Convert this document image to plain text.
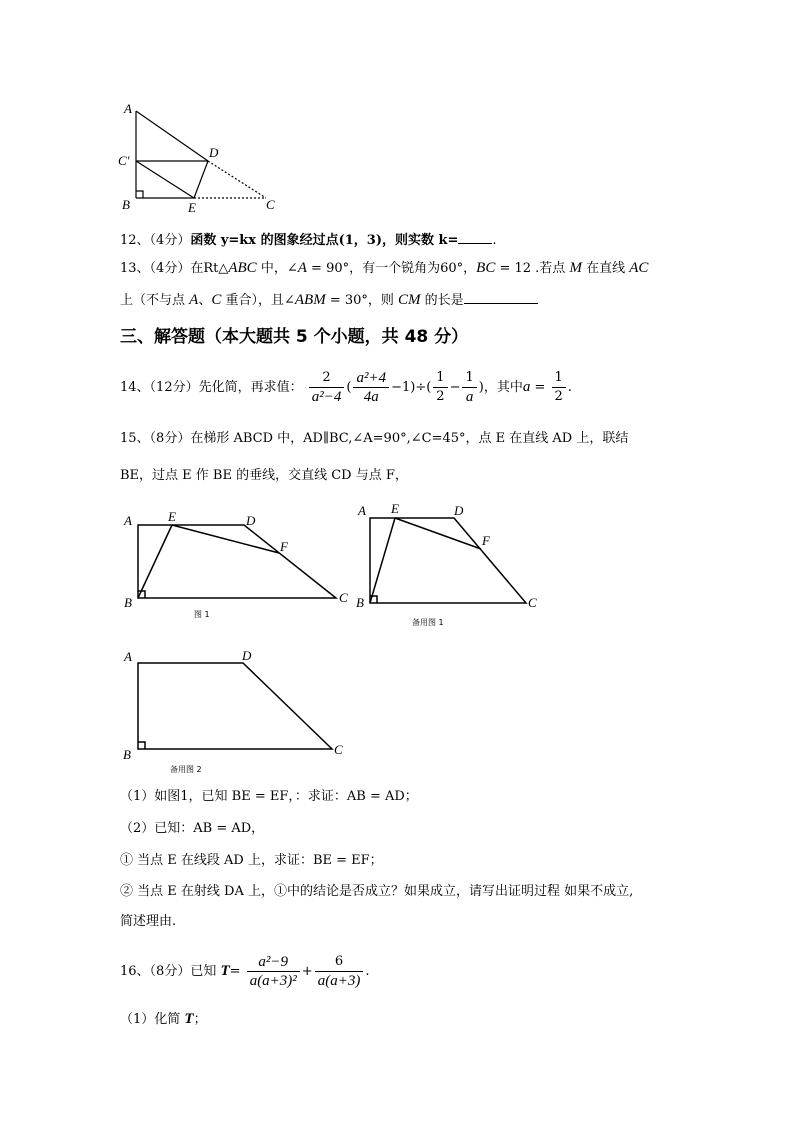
A
C′
D
B	E	C
12、（4分）函数 y=kx 的图象经过点(1，3)，则实数 k=	.
13、（4分）在Rt△ABC 中，∠A = 90°，有一个锐角为60°，BC = 12 .若点 M 在直线 AC
上（不与点 A、C 重合），且∠ABM = 30°，则 CM 的长是
三、解答题（本大题共 5 个小题，共 48 分）
14、（12分）先化简，再求值： $\frac{2}{\text{a²−4}}$ ( $\frac{\text{a²+4}}{4a} -1)\div( \frac{1}{2} - \frac{1}{a}$ )，其中$a = \frac{1}{2}$ .
15、（8分）在梯形 ABCD 中，AD∥BC,∠A=90°,∠C=45°，点 E 在直线 AD 上，联结
BE，过点 E 作 BE 的垂线，交直线 CD 与点 F，
A	E	D
F
B	C
图 1
A E	D
F
B	C
备用图 1
A	D
B	C
备用图 2
（1）如图1，已知 BE = EF，：求证：AB = AD；
（2）已知：AB = AD，
① 当点 E 在线段 AD 上，求证：BE = EF；
② 当点 E 在射线 DA 上，①中的结论是否成立？如果成立，请写出证明过程 如果不成立,
简述理由.
16、（8分）已知 $T= \frac{\text{a²−9}}{\text{a(a+3)²}} + \frac{6}{a(a+3)}$ .
（1）化简 T；
